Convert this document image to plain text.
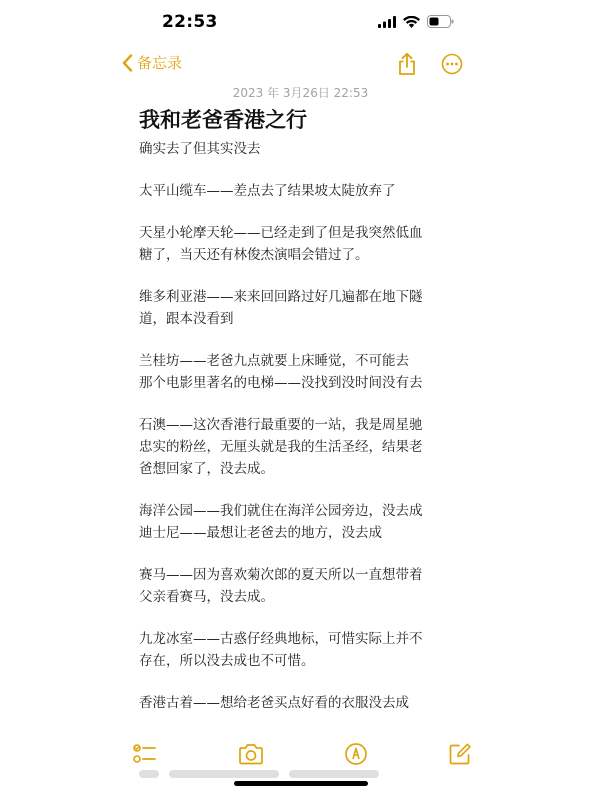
22:53
备忘录
2023 年 3月26日 22:53
我和老爸香港之行

确实去了但其实没去

太平山缆车——差点去了结果坡太陡放弃了

天星小轮摩天轮——已经走到了但是我突然低血
糖了，当天还有林俊杰演唱会错过了。

维多利亚港——来来回回路过好几遍都在地下隧
道，跟本没看到

兰桂坊——老爸九点就要上床睡觉，不可能去
那个电影里著名的电梯——没找到没时间没有去

石澳——这次香港行最重要的一站，我是周星驰
忠实的粉丝，无厘头就是我的生活圣经，结果老
爸想回家了，没去成。

海洋公园——我们就住在海洋公园旁边，没去成
迪士尼——最想让老爸去的地方，没去成

赛马——因为喜欢菊次郎的夏天所以一直想带着
父亲看赛马，没去成。

九龙冰室——古惑仔经典地标，可惜实际上并不
存在，所以没去成也不可惜。

香港古着——想给老爸买点好看的衣服没去成
